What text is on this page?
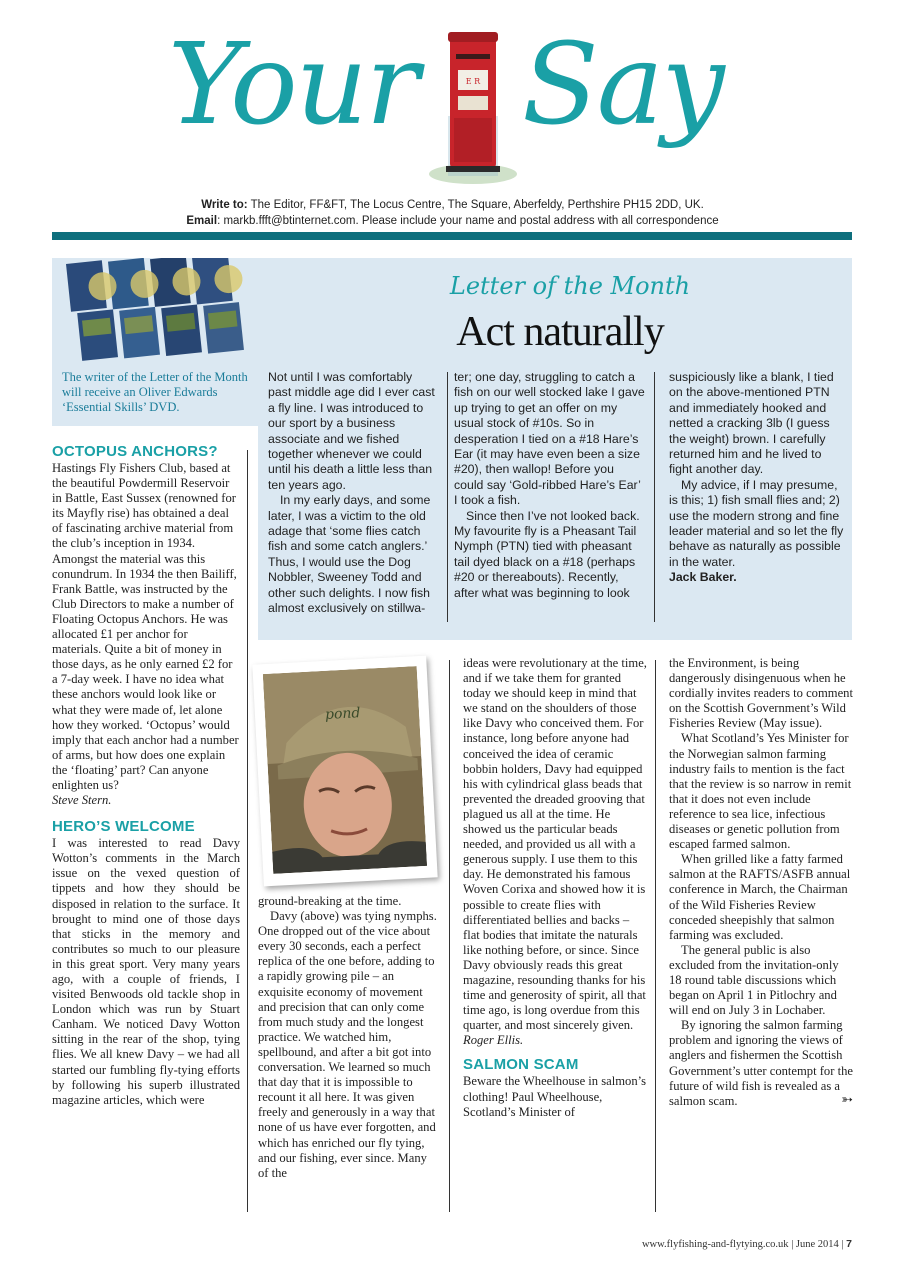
Your	E R Say
Write to: The Editor, FF&FT, The Locus Centre, The Square, Aberfeldy, Perthshire PH15 2DD, UK.
Email: markb.ffft@btinternet.com. Please include your name and postal address with all correspondence
The writer of the Letter of the Month will receive an Oliver Edwards ‘Essential Skills’ DVD.
Letter of the Month
Act naturally

Not until I was comfortably past middle age did I ever cast a fly line. I was introduced to our sport by a business associate and we fished together whenever we could until his death a little less than ten years ago.

In my early days, and some later, I was a victim to the old adage that ‘some flies catch fish and some catch anglers.’ Thus, I would use the Dog Nobbler, Sweeney Todd and other such delights. I now fish almost exclusively on stillwa-

ter; one day, struggling to catch a fish on our well stocked lake I gave up trying to get an offer on my usual stock of #10s. So in desperation I tied on a #18 Hare’s Ear (it may have even been a size #20), then wallop! Before you could say ‘Gold-ribbed Hare’s Ear’ I took a fish.

Since then I’ve not looked back. My favourite fly is a Pheasant Tail Nymph (PTN) tied with pheasant tail dyed black on a #18 (perhaps #20 or thereabouts). Recently, after what was beginning to look

suspiciously like a blank, I tied on the above-mentioned PTN and immediately hooked and netted a cracking 3lb (I guess the weight) brown. I carefully returned him and he lived to fight another day.

My advice, if I may presume, is this; 1) fish small flies and; 2) use the modern strong and fine leader material and so let the fly behave as naturally as possible in the water.

Jack Baker.

OCTOPUS ANCHORS?

Hastings Fly Fishers Club, based at the beautiful Powdermill Reservoir in Battle, East Sussex (renowned for its Mayfly rise) has obtained a deal of fascinating archive material from the club’s inception in 1934. Amongst the material was this conundrum. In 1934 the then Bailiff, Frank Battle, was instructed by the Club Directors to make a number of Floating Octopus Anchors. He was allocated £1 per anchor for materials. Quite a bit of money in those days, as he only earned £2 for a 7-day week. I have no idea what these anchors would look like or what they were made of, let alone how they worked. ‘Octopus’ would imply that each anchor had a number of arms, but how does one explain the ‘floating’ part? Can anyone enlighten us?

Steve Stern.

HERO’S WELCOME

I was interested to read Davy Wotton’s comments in the March issue on the vexed question of tippets and how they should be disposed in relation to the surface. It brought to mind one of those days that sticks in the memory and contributes so much to our pleasure in this great sport. Very many years ago, with a couple of friends, I visited Benwoods old tackle shop in London which was run by Stuart Canham. We noticed Davy Wotton sitting in the rear of the shop, tying flies. We all knew Davy – we had all started our fumbling fly-tying efforts by following his superb illustrated magazine articles, which were

pond

ground-breaking at the time.

Davy (above) was tying nymphs. One dropped out of the vice about every 30 seconds, each a perfect replica of the one before, adding to a rapidly growing pile – an exquisite economy of movement and precision that can only come from much study and the longest practice. We watched him, spellbound, and after a bit got into conversation. We learned so much that day that it is impossible to recount it all here. It was given freely and generously in a way that none of us have ever forgotten, and which has enriched our fly tying, and our fishing, ever since. Many of the

ideas were revolutionary at the time, and if we take them for granted today we should keep in mind that we stand on the shoulders of those like Davy who conceived them. For instance, long before anyone had conceived the idea of ceramic bobbin holders, Davy had equipped his with cylindrical glass beads that prevented the dreaded grooving that plagued us all at the time. He showed us the particular beads needed, and provided us all with a generous supply. I use them to this day. He demonstrated his famous Woven Corixa and showed how it is possible to create flies with differentiated bellies and backs – flat bodies that imitate the naturals like nothing before, or since. Since Davy obviously reads this great magazine, resounding thanks for his time and generosity of spirit, all that time ago, is long overdue from this quarter, and most sincerely given.

Roger Ellis.

SALMON SCAM

Beware the Wheelhouse in salmon’s clothing! Paul Wheelhouse, Scotland’s Minister of

the Environment, is being dangerously disingenuous when he cordially invites readers to comment on the Scottish Government’s Wild Fisheries Review (May issue).

What Scotland’s Yes Minister for the Norwegian salmon farming industry fails to mention is the fact that the review is so narrow in remit that it does not even include reference to sea lice, infectious diseases or genetic pollution from escaped farmed salmon.

When grilled like a fatty farmed salmon at the RAFTS/ASFB annual conference in March, the Chairman of the Wild Fisheries Review conceded sheepishly that salmon farming was excluded.

The general public is also excluded from the invitation-only 18 round table discussions which began on April 1 in Pitlochry and will end on July 3 in Lochaber.

By ignoring the salmon farming problem and ignoring the views of anglers and fishermen the Scottish Government’s utter contempt for the future of wild fish is revealed as a salmon scam.	➳
www.flyfishing-and-flytying.co.uk | June 2014 | 7
